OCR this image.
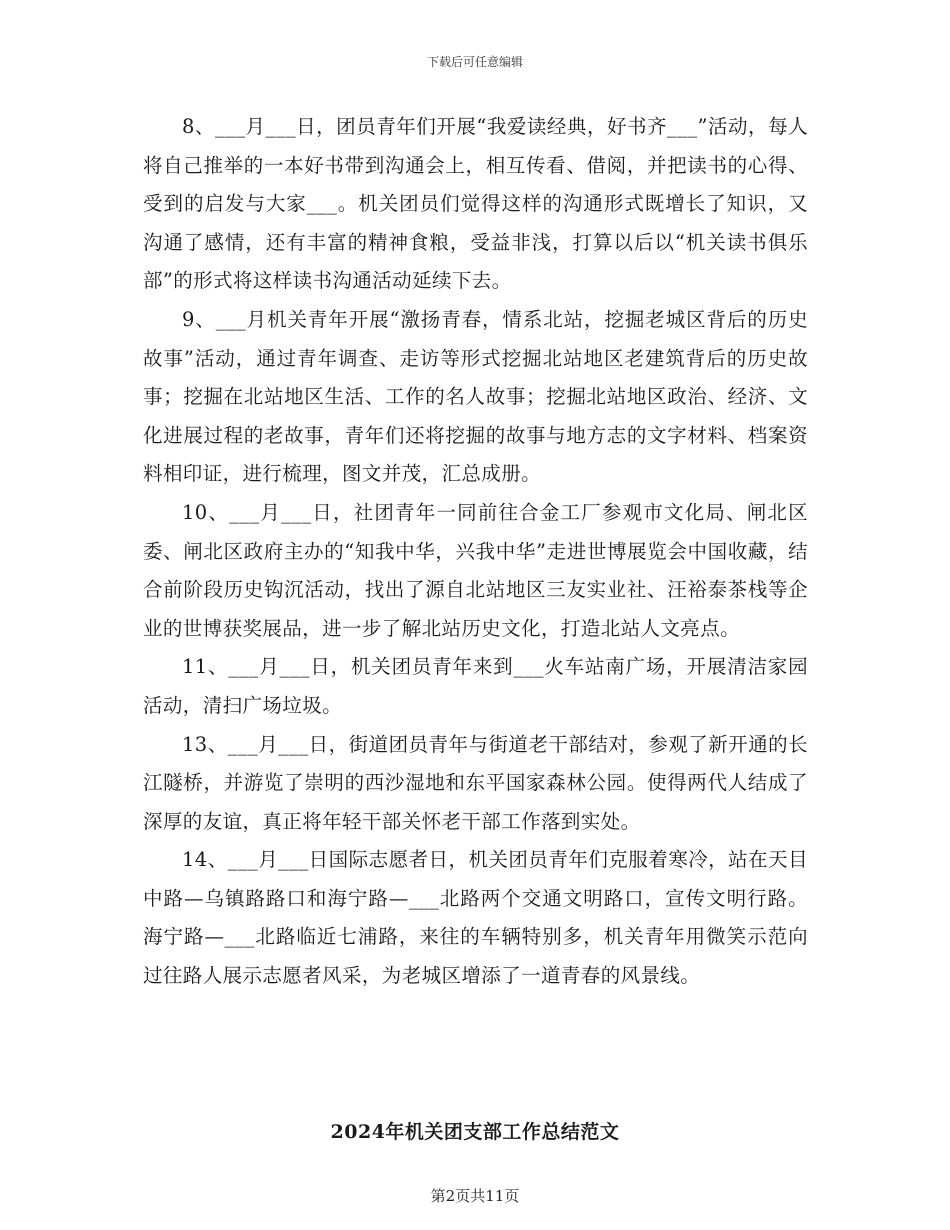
下载后可任意编辑

8、___月___日，团员青年们开展“我爱读经典，好书齐___”活动，每人将自己推举的一本好书带到沟通会上，相互传看、借阅，并把读书的心得、受到的启发与大家___。机关团员们觉得这样的沟通形式既增长了知识，又沟通了感情，还有丰富的精神食粮，受益非浅，打算以后以“机关读书俱乐部”的形式将这样读书沟通活动延续下去。

9、___月机关青年开展“激扬青春，情系北站，挖掘老城区背后的历史故事”活动，通过青年调查、走访等形式挖掘北站地区老建筑背后的历史故事；挖掘在北站地区生活、工作的名人故事；挖掘北站地区政治、经济、文化进展过程的老故事，青年们还将挖掘的故事与地方志的文字材料、档案资料相印证，进行梳理，图文并茂，汇总成册。

10、___月___日，社团青年一同前往合金工厂参观市文化局、闸北区委、闸北区政府主办的“知我中华，兴我中华”走进世博展览会中国收藏，结合前阶段历史钩沉活动，找出了源自北站地区三友实业社、汪裕泰茶栈等企业的世博获奖展品，进一步了解北站历史文化，打造北站人文亮点。

11、___月___日，机关团员青年来到___火车站南广场，开展清洁家园活动，清扫广场垃圾。

13、___月___日，街道团员青年与街道老干部结对，参观了新开通的长江隧桥，并游览了崇明的西沙湿地和东平国家森林公园。使得两代人结成了深厚的友谊，真正将年轻干部关怀老干部工作落到实处。

14、___月___日国际志愿者日，机关团员青年们克服着寒冷，站在天目中路—乌镇路路口和海宁路—___北路两个交通文明路口，宣传文明行路。海宁路—___北路临近七浦路，来往的车辆特别多，机关青年用微笑示范向过往路人展示志愿者风采，为老城区增添了一道青春的风景线。

2024年机关团支部工作总结范文
第2页共11页
